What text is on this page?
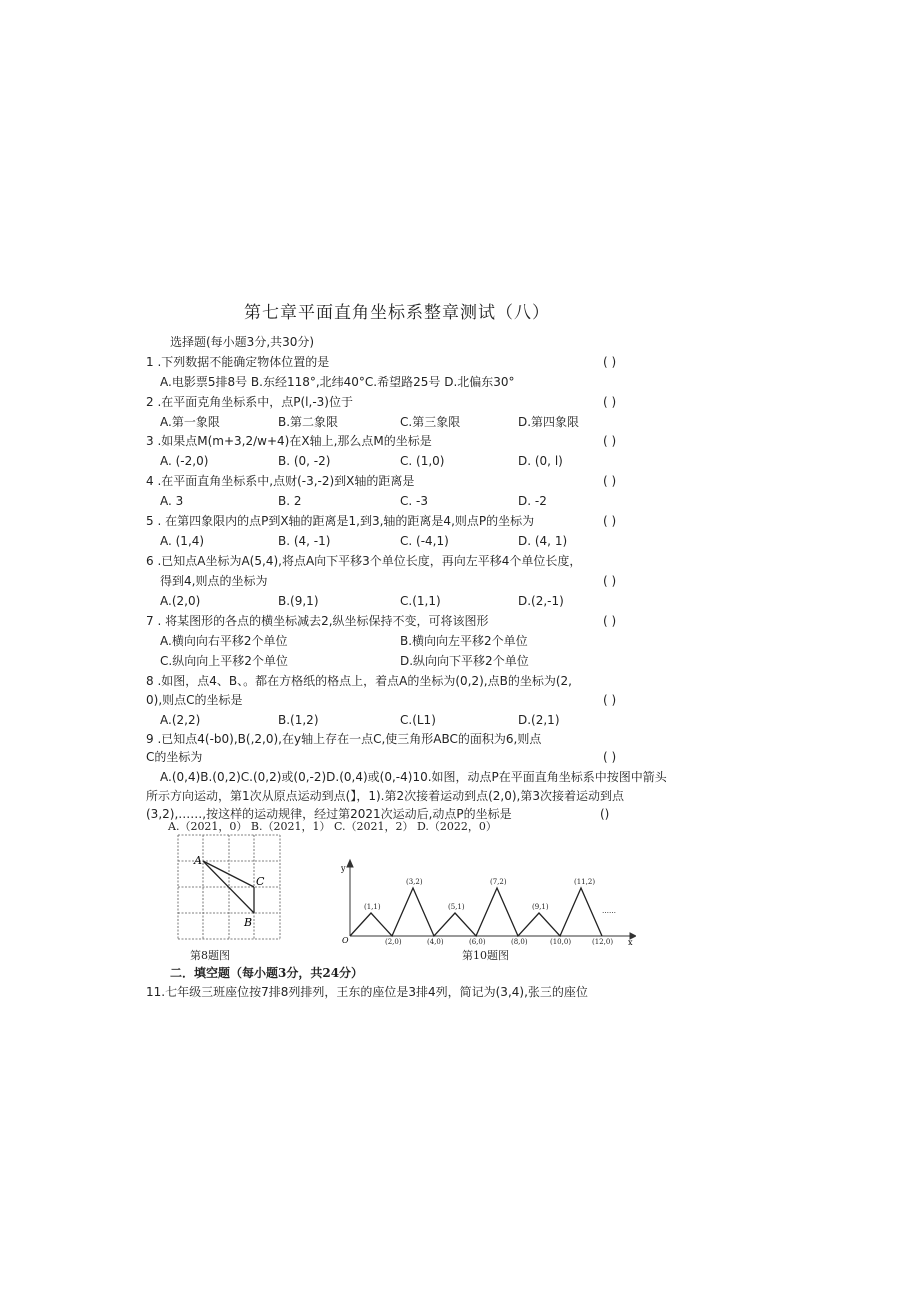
第七章平面直角坐标系整章测试（八）
选择题(每小题3分,共30分)
1 .下列数据不能确定物体位置的是	( )
A.电影票5排8号 B.东经118°,北纬40°C.希望路25号 D.北偏东30°
2 .在平面克角坐标系中，点P(l,-3)位于	( )
A.第一象限	B.第二象限	C.第三象限	D.第四象限
3 .如果点M(m+3,2∕w+4)在X轴上,那么点M的坐标是	( )
A. (-2,0)	B. (0, -2)	C. (1,0)	D. (0, l)
4 .在平面直角坐标系中,点财(-3,-2)到X轴的距离是	( )
A. 3	B. 2	C. -3	D. -2
5 . 在第四象限内的点P到X轴的距离是1,到3,轴的距离是4,则点P的坐标为	( )
A. (1,4)	B. (4, -1)	C. (-4,1)	D. (4, 1)
6 .已知点A坐标为A(5,4),将点A向下平移3个单位长度，再向左平移4个单位长度，
得到4,则点的坐标为	( )
A.(2,0)	B.(9,1)	C.(1,1)	D.(2,-1)
7 . 将某图形的各点的横坐标减去2,纵坐标保持不变，可将该图形	( )
A.横向向右平移2个单位	B.横向向左平移2个单位
C.纵向向上平移2个单位	D.纵向向下平移2个单位
8 .如图，点4、B、。都在方格纸的格点上，着点A的坐标为(0,2),点B的坐标为(2,
0),则点C的坐标是	( )
A.(2,2)	B.(1,2)	C.(L1)	D.(2,1)
9 .已知点4(-b0),B(,2,0),在y轴上存在一点C,使三角形ABC的面积为6,则点
C的坐标为	( )
A.(0,4)B.(0,2)C.(0,2)或(0,-2)D.(0,4)或(0,-4)10.如图，动点P在平面直角坐标系中按图中箭头
所示方向运动，第1次从原点运动到点(】，1).第2次接着运动到点(2,0),第3次接着运动到点
(3,2),……,按这样的运动规律，经过第2021次运动后,动点P的坐标是	()
A.（2021，0） B.（2021，1） C.（2021，2） D.（2022，0）
A
C
B
第8题图
y
x
O
(1,1)
(3,2)
(5,1)
(7,2)
(9,1)
(11,2)
(2,0)	(4,0)	(6,0)	(8,0)	(10,0)	(12,0)
……
第10题图
二．填空题（每小题3分，共24分）
11.七年级三班座位按7排8列排列，王东的座位是3排4列，简记为(3,4),张三的座位
